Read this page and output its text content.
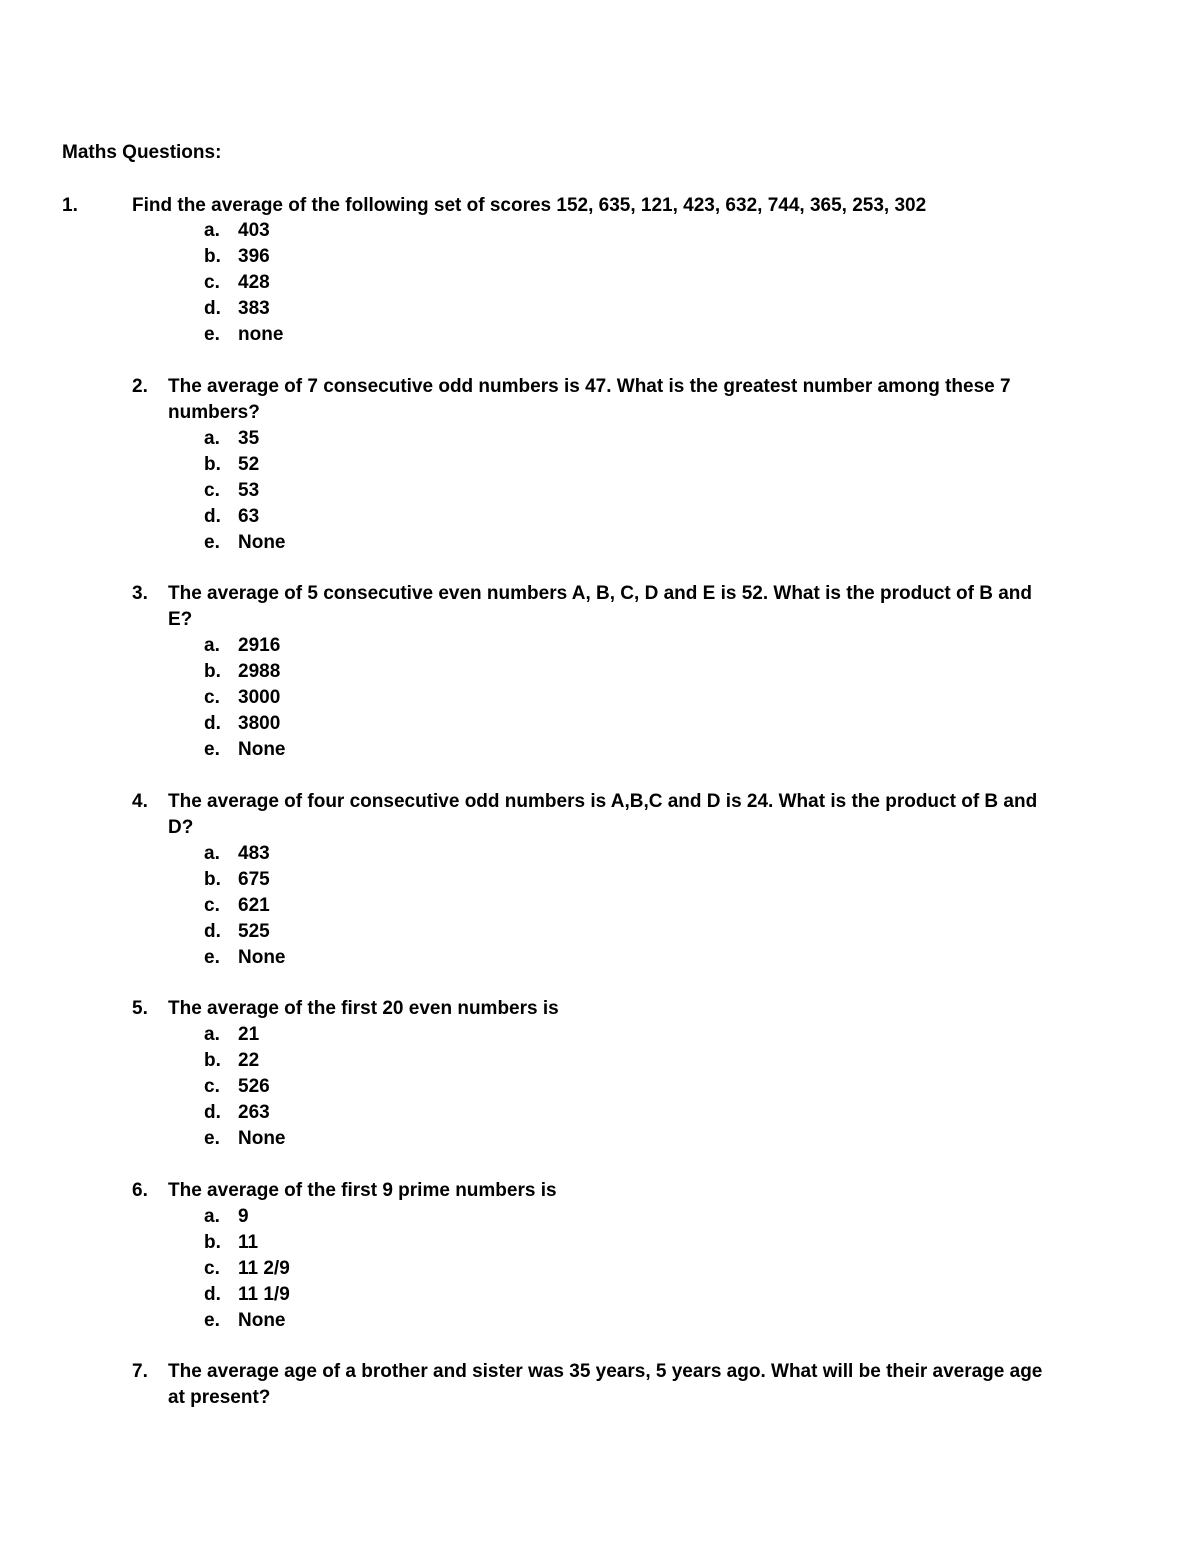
Maths Questions:
1.	Find the average of the following set of scores 152, 635, 121, 423, 632, 744, 365, 253, 302
a. 403
b. 396
c. 428
d. 383
e. none
2. The average of 7 consecutive odd numbers is 47. What is the greatest number among these 7 numbers?
a. 35
b. 52
c. 53
d. 63
e. None
3. The average of 5 consecutive even numbers A, B, C, D and E is 52. What is the product of B and E?
a. 2916
b. 2988
c. 3000
d. 3800
e. None
4. The average of four consecutive odd numbers is A,B,C and D is 24. What is the product of B and D?
a. 483
b. 675
c. 621
d. 525
e. None
5. The average of the first 20 even numbers is
a. 21
b. 22
c. 526
d. 263
e. None
6. The average of the first 9 prime numbers is
a. 9
b. 11
c. 11 2/9
d. 11 1/9
e. None
7. The average age of a brother and sister was 35 years, 5 years ago. What will be their average age at present?
